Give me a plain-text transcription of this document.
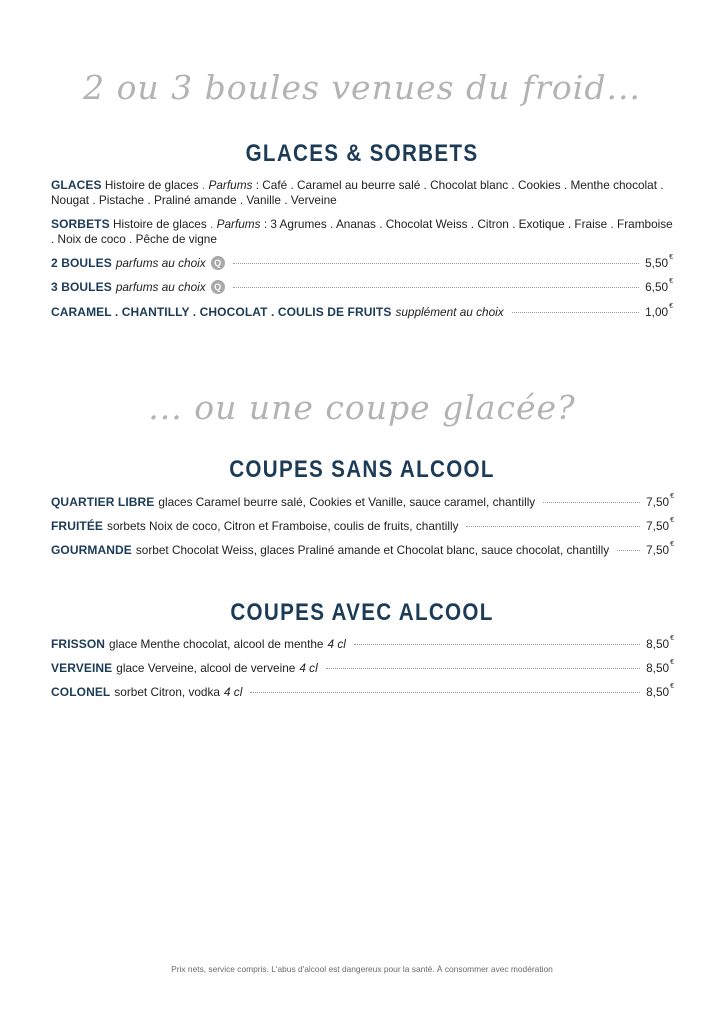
2 ou 3 boules venues du froid...
GLACES & SORBETS
GLACES Histoire de glaces . Parfums : Café . Caramel au beurre salé . Chocolat blanc . Cookies . Menthe chocolat . Nougat . Pistache . Praliné amande . Vanille . Verveine
SORBETS Histoire de glaces . Parfums : 3 Agrumes . Ananas . Chocolat Weiss . Citron . Exotique . Fraise . Framboise . Noix de coco . Pêche de vigne
2 BOULES parfums au choix Q	5,50€
3 BOULES parfums au choix Q	6,50€
CARAMEL . CHANTILLY . CHOCOLAT . COULIS DE FRUITS supplément au choix	1,00€
... ou une coupe glacée?
COUPES SANS ALCOOL
QUARTIER LIBRE glaces Caramel beurre salé, Cookies et Vanille, sauce caramel, chantilly	7,50€
FRUITÉE sorbets Noix de coco, Citron et Framboise, coulis de fruits, chantilly	7,50€
GOURMANDE sorbet Chocolat Weiss, glaces Praliné amande et Chocolat blanc, sauce chocolat, chantilly	7,50€
COUPES AVEC ALCOOL
FRISSON glace Menthe chocolat, alcool de menthe 4 cl	8,50€
VERVEINE glace Verveine, alcool de verveine 4 cl	8,50€
COLONEL sorbet Citron, vodka 4 cl	8,50€
Prix nets, service compris. L'abus d'alcool est dangereux pour la santé. À consommer avec modération
